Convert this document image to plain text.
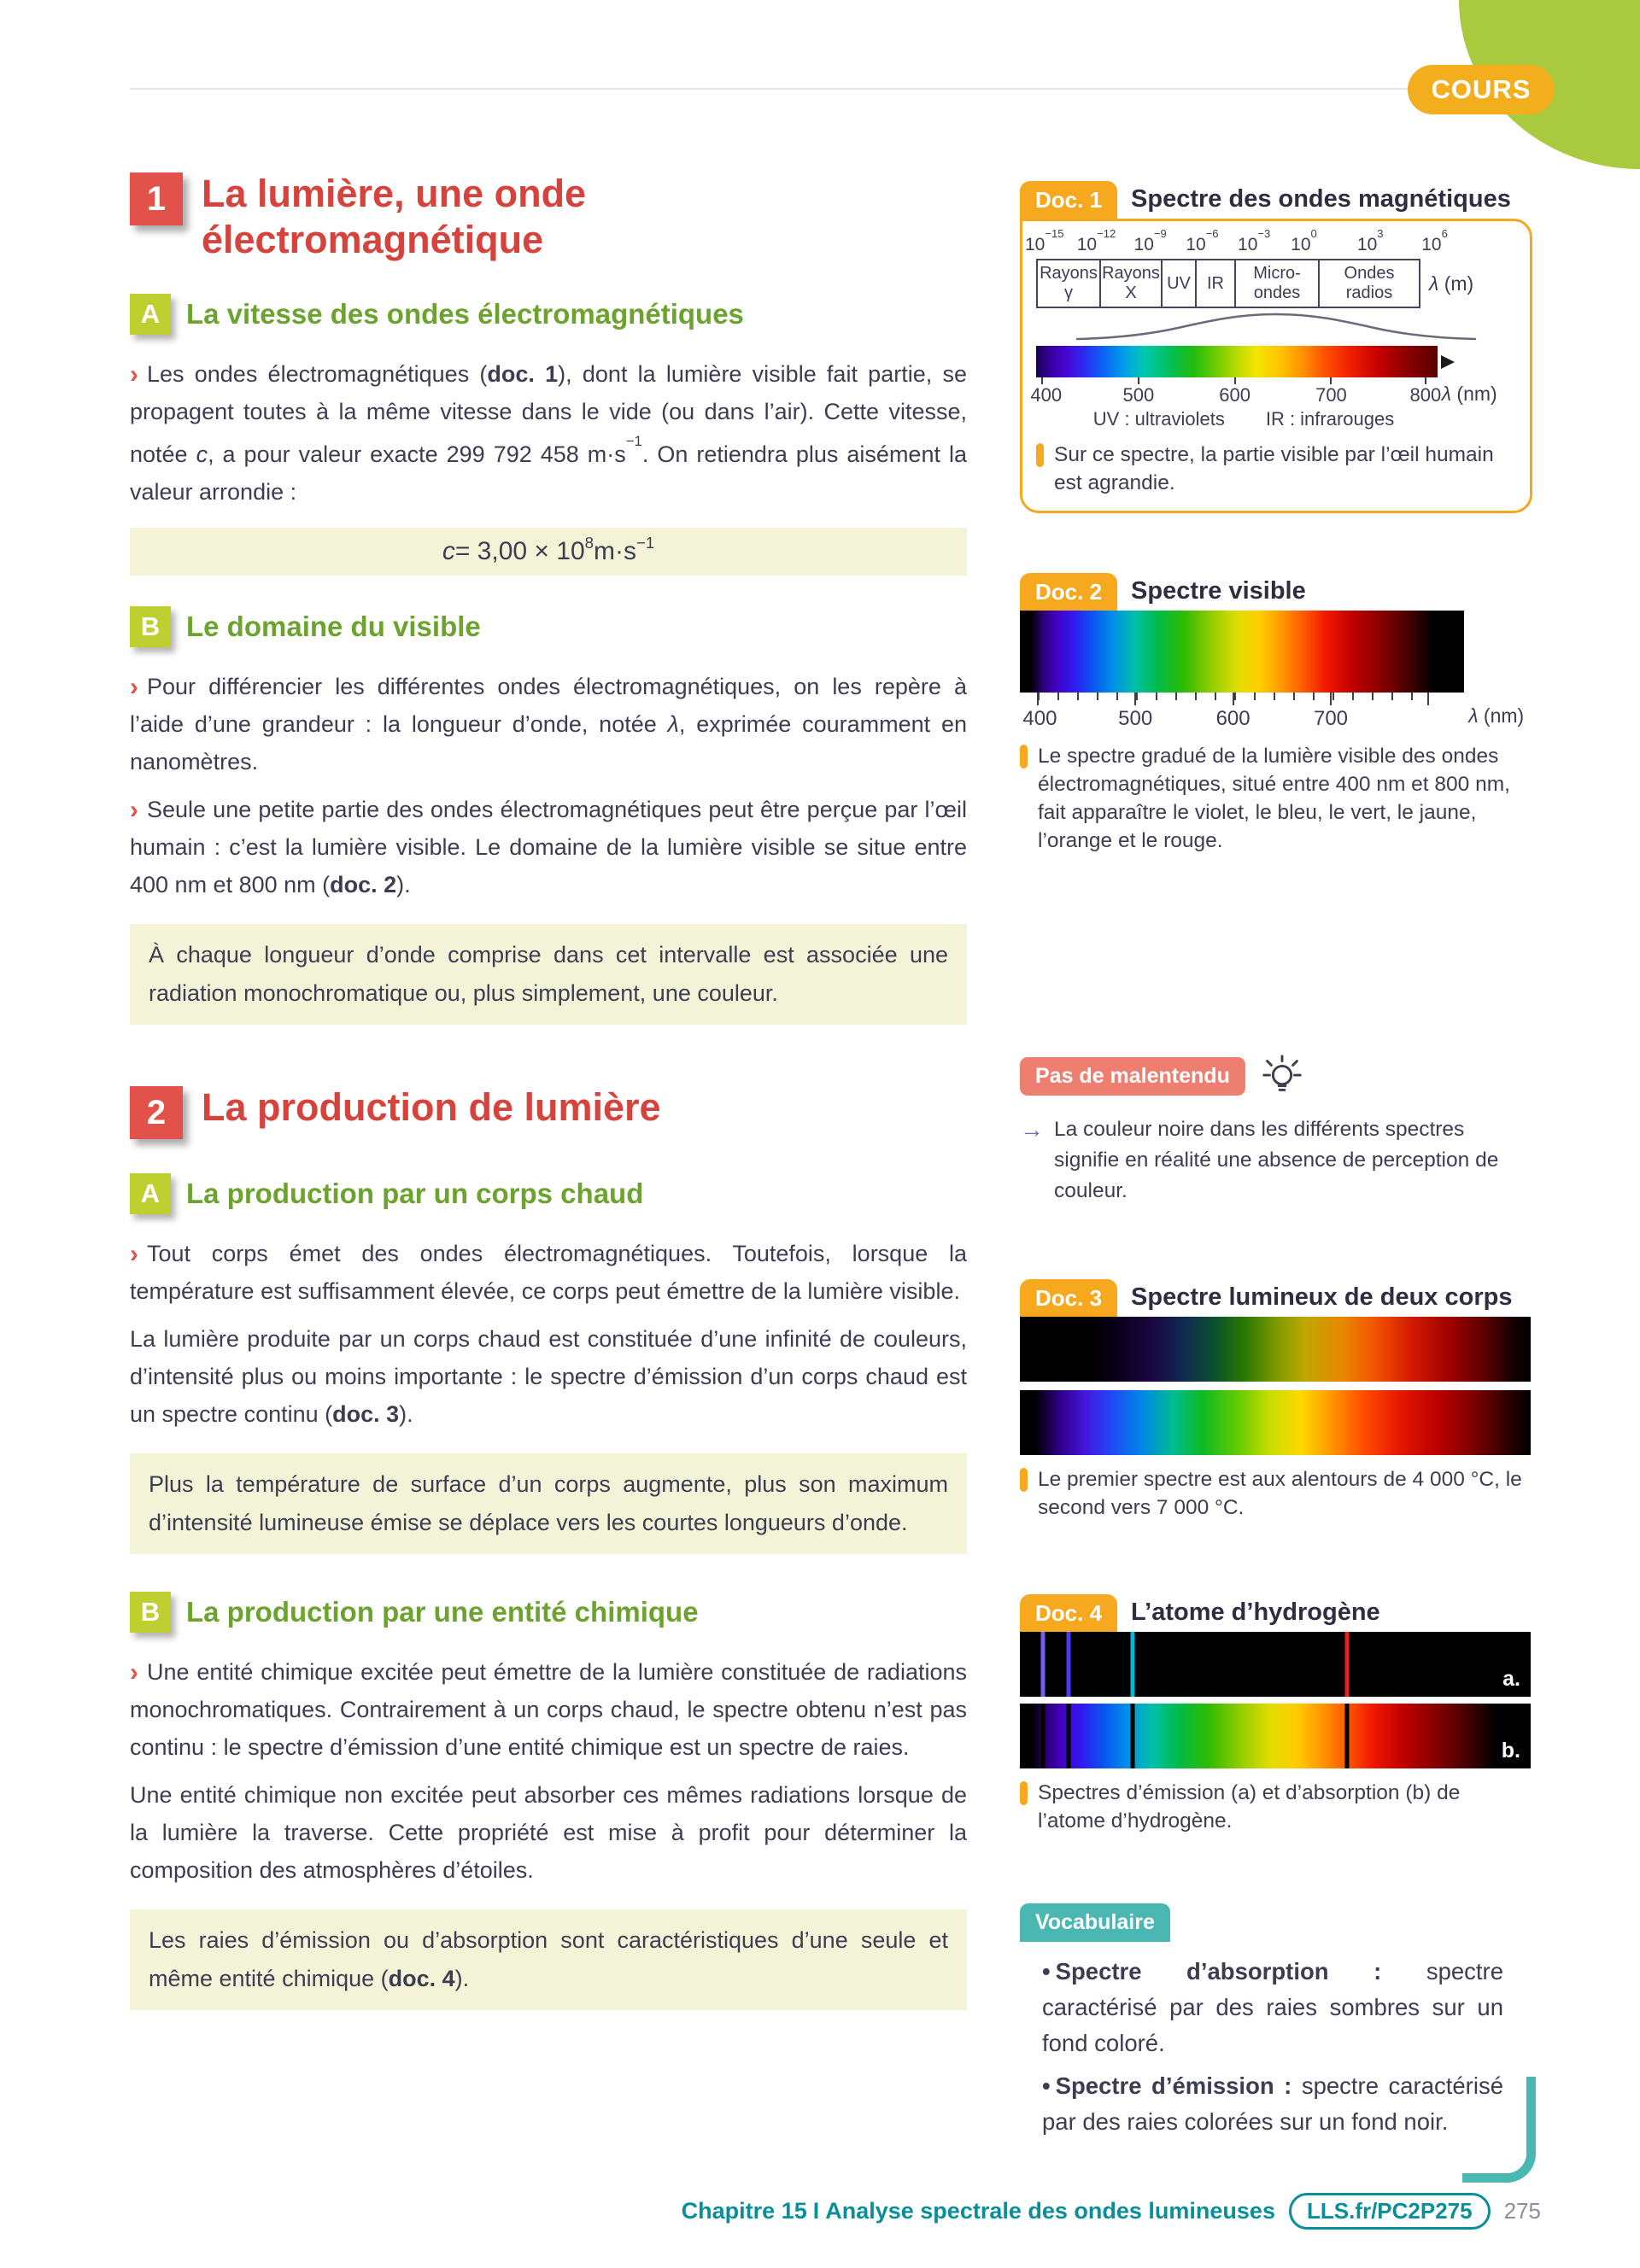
COURS
1 La lumière, une onde électromagnétique
A La vitesse des ondes électromagnétiques

› Les ondes électromagnétiques (doc. 1), dont la lumière visible fait partie, se propagent toutes à la même vitesse dans le vide (ou dans l’air). Cette vitesse, notée c, a pour valeur exacte 299 792 458 $m\cdot s^{-1}$. On retiendra plus aisément la valeur arrondie :

$c = 3,00 \times 10^8$ $m\cdot s^{-1}$
B Le domaine du visible

› Pour différencier les différentes ondes électromagnétiques, on les repère à l’aide d’une grandeur : la longueur d’onde, notée λ, exprimée couramment en nanomètres.

› Seule une petite partie des ondes électromagnétiques peut être perçue par l’œil humain : c’est la lumière visible. Le domaine de la lumière visible se situe entre 400 nm et 800 nm (doc. 2).

À chaque longueur d’onde comprise dans cet intervalle est associée une radiation monochromatique ou, plus simplement, une couleur.
2 La production de lumière
A La production par un corps chaud

› Tout corps émet des ondes électromagnétiques. Toutefois, lorsque la température est suffisamment élevée, ce corps peut émettre de la lumière visible.

La lumière produite par un corps chaud est constituée d’une infinité de couleurs, d’intensité plus ou moins importante : le spectre d’émission d’un corps chaud est un spectre continu (doc. 3).

Plus la température de surface d’un corps augmente, plus son maximum d’intensité lumineuse émise se déplace vers les courtes longueurs d’onde.
B La production par une entité chimique

› Une entité chimique excitée peut émettre de la lumière constituée de radiations monochromatiques. Contrairement à un corps chaud, le spectre obtenu n’est pas continu : le spectre d’émission d’une entité chimique est un spectre de raies.

Une entité chimique non excitée peut absorber ces mêmes radiations lorsque de la lumière la traverse. Cette propriété est mise à profit pour déterminer la composition des atmosphères d’étoiles.

Les raies d’émission ou d’absorption sont caractéristiques d’une seule et même entité chimique (doc. 4).
Doc. 1	Spectre des ondes magnétiques
$10^{-15}$
$10^{-12}$
$10^{-9}$
$10^{-6}$
$10^{-3}$
$10^0$
$10^3$
$10^6$
Rayons
γ
Rayons
X
UV IR
Micro-
ondes
Ondes
radios λ (m)
400	500	600	700	800 λ (nm)
UV : ultraviolets IR : infrarouges
Sur ce spectre, la partie visible par l’œil humain est agrandie.
Doc. 2	Spectre visible
400	500	600	700	λ (nm)
Le spectre gradué de la lumière visible des ondes électromagnétiques, situé entre 400 nm et 800 nm, fait apparaître le violet, le bleu, le vert, le jaune, l’orange et le rouge.
Pas de malentendu
→ La couleur noire dans les différents spectres signifie en réalité une absence de perception de couleur.
Doc. 3	Spectre lumineux de deux corps
Le premier spectre est aux alentours de 4 000 °C, le second vers 7 000 °C.
Doc. 4	L’atome d’hydrogène
a.
b.
Spectres d’émission (a) et d’absorption (b) de l’atome d’hydrogène.
Vocabulaire
• Spectre d’absorption : spectre caractérisé par des raies sombres sur un fond coloré.
• Spectre d’émission : spectre caractérisé par des raies colorées sur un fond noir.
Chapitre 15 I Analyse spectrale des ondes lumineuses	LLS.fr/PC2P275	275
